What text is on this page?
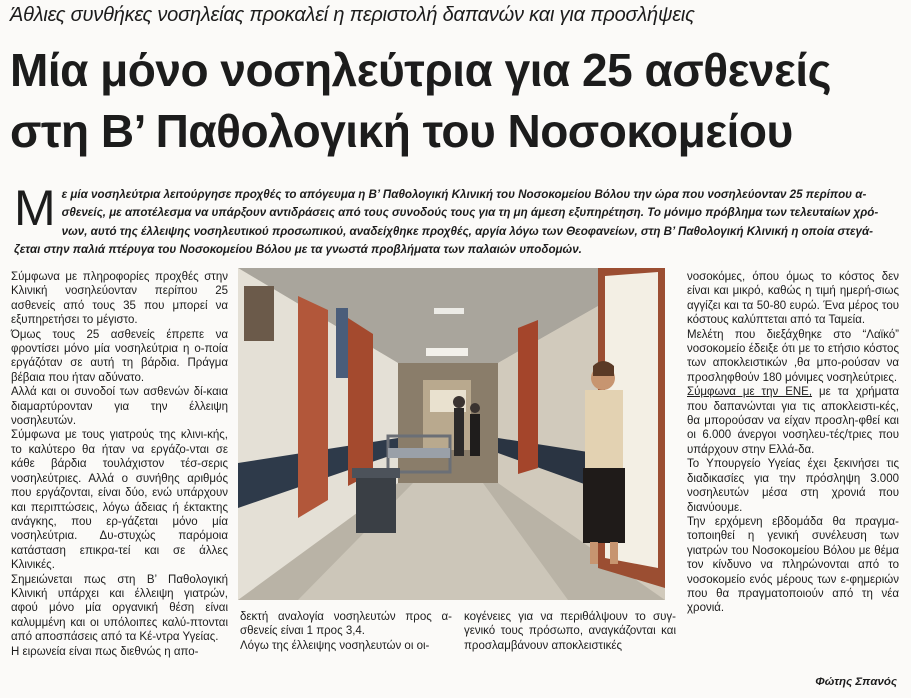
Άθλιες συνθήκες νοσηλείας προκαλεί η περιστολή δαπανών και για προσλήψεις
Μία μόνο νοσηλεύτρια για 25 ασθενείς
στη Β’ Παθολογική του Νοσοκομείου
Με μία νοσηλεύτρια λειτούργησε προχθές το απόγευμα η Β’ Παθολογική Κλινική του Νοσοκομείου Βόλου την ώρα που νοσηλεύονταν 25 περίπου α-σθενείς, με αποτέλεσμα να υπάρξουν αντιδράσεις από τους συνοδούς τους για τη μη άμεση εξυπηρέτηση. Το μόνιμο πρόβλημα των τελευταίων χρό-νων, αυτό της έλλειψης νοσηλευτικού προσωπικού, αναδείχθηκε προχθές, αργία λόγω των Θεοφανείων, στη Β’ Παθολογική Κλινική η οποία στεγά-ζεται στην παλιά πτέρυγα του Νοσοκομείου Βόλου με τα γνωστά προβλήματα των παλαιών υποδομών.

Σύμφωνα με πληροφορίες προχθές στην Κλινική νοσηλεύονταν περίπου 25 ασθενείς από τους 35 που μπορεί να εξυπηρετήσει το μέγιστο.

Όμως τους 25 ασθενείς έπρεπε να φροντίσει μόνο μία νοσηλεύτρια η ο-ποία εργάζόταν σε αυτή τη βάρδια. Πράγμα βέβαια που ήταν αδύνατο.

Αλλά και οι συνοδοί των ασθενών δί-καια διαμαρτύρονταν για την έλλειψη νοσηλευτών.

Σύμφωνα με τους γιατρούς της κλινι-κής, το καλύτερο θα ήταν να εργάζο-νται σε κάθε βάρδια τουλάχιστον τέσ-σερις νοσηλεύτριες. Αλλά ο συνήθης αριθμός που εργάζονται, είναι δύο, ενώ υπάρχουν και περιπτώσεις, λόγω άδειας ή έκτακτης ανάγκης, που ερ-γάζεται μόνο μία νοσηλεύτρια. Δυ-στυχώς παρόμοια κατάσταση επικρα-τεί και σε άλλες Κλινικές.

Σημειώνεται πως στη Β’ Παθολογική Κλινική υπάρχει και έλλειψη γιατρών, αφού μόνο μία οργανική θέση είναι καλυμμένη και οι υπόλοιπες καλύ-πτονται από αποσπάσεις από τα Κέ-ντρα Υγείας.

Η ειρωνεία είναι πως διεθνώς η απο-

δεκτή αναλογία νοσηλευτών προς α-σθενείς είναι 1 προς 3,4.

Λόγω της έλλειψης νοσηλευτών οι οι-

κογένειες για να περιθάλψουν το συγ-γενικό τους πρόσωπο, αναγκάζονται και προσλαμβάνουν αποκλειστικές

νοσοκόμες, όπου όμως το κόστος δεν είναι και μικρό, καθώς η τιμή ημερή-σιως αγγίζει και τα 50-80 ευρώ. Ένα μέρος του κόστους καλύπτεται από τα Ταμεία.

Μελέτη που διεξάχθηκε στο “Λαϊκό” νοσοκομείο έδειξε ότι με το ετήσιο κόστος των αποκλειστικών ,θα μπο-ρούσαν να προσληφθούν 180 μόνιμες νοσηλεύτριες.

Σύμφωνα με την ΕΝΕ, με τα χρήματα που δαπανώνται για τις αποκλειστι-κές, θα μπορούσαν να είχαν προσλη-φθεί και οι 6.000 άνεργοι νοσηλευ-τές/τριες που υπάρχουν στην Ελλά-δα.

Το Υπουργείο Υγείας έχει ξεκινήσει τις διαδικασίες για την πρόσληψη 3.000 νοσηλευτών μέσα στη χρονιά που διανύουμε.

Την ερχόμενη εβδομάδα θα πραγμα-τοποιηθεί η γενική συνέλευση των γιατρών του Νοσοκομείου Βόλου με θέμα τον κίνδυνο να πληρώνονται από το νοσοκομείο ενός μέρους των ε-φημεριών που θα πραγματοποιούν από τη νέα χρονιά.

Φώτης Σπανός
